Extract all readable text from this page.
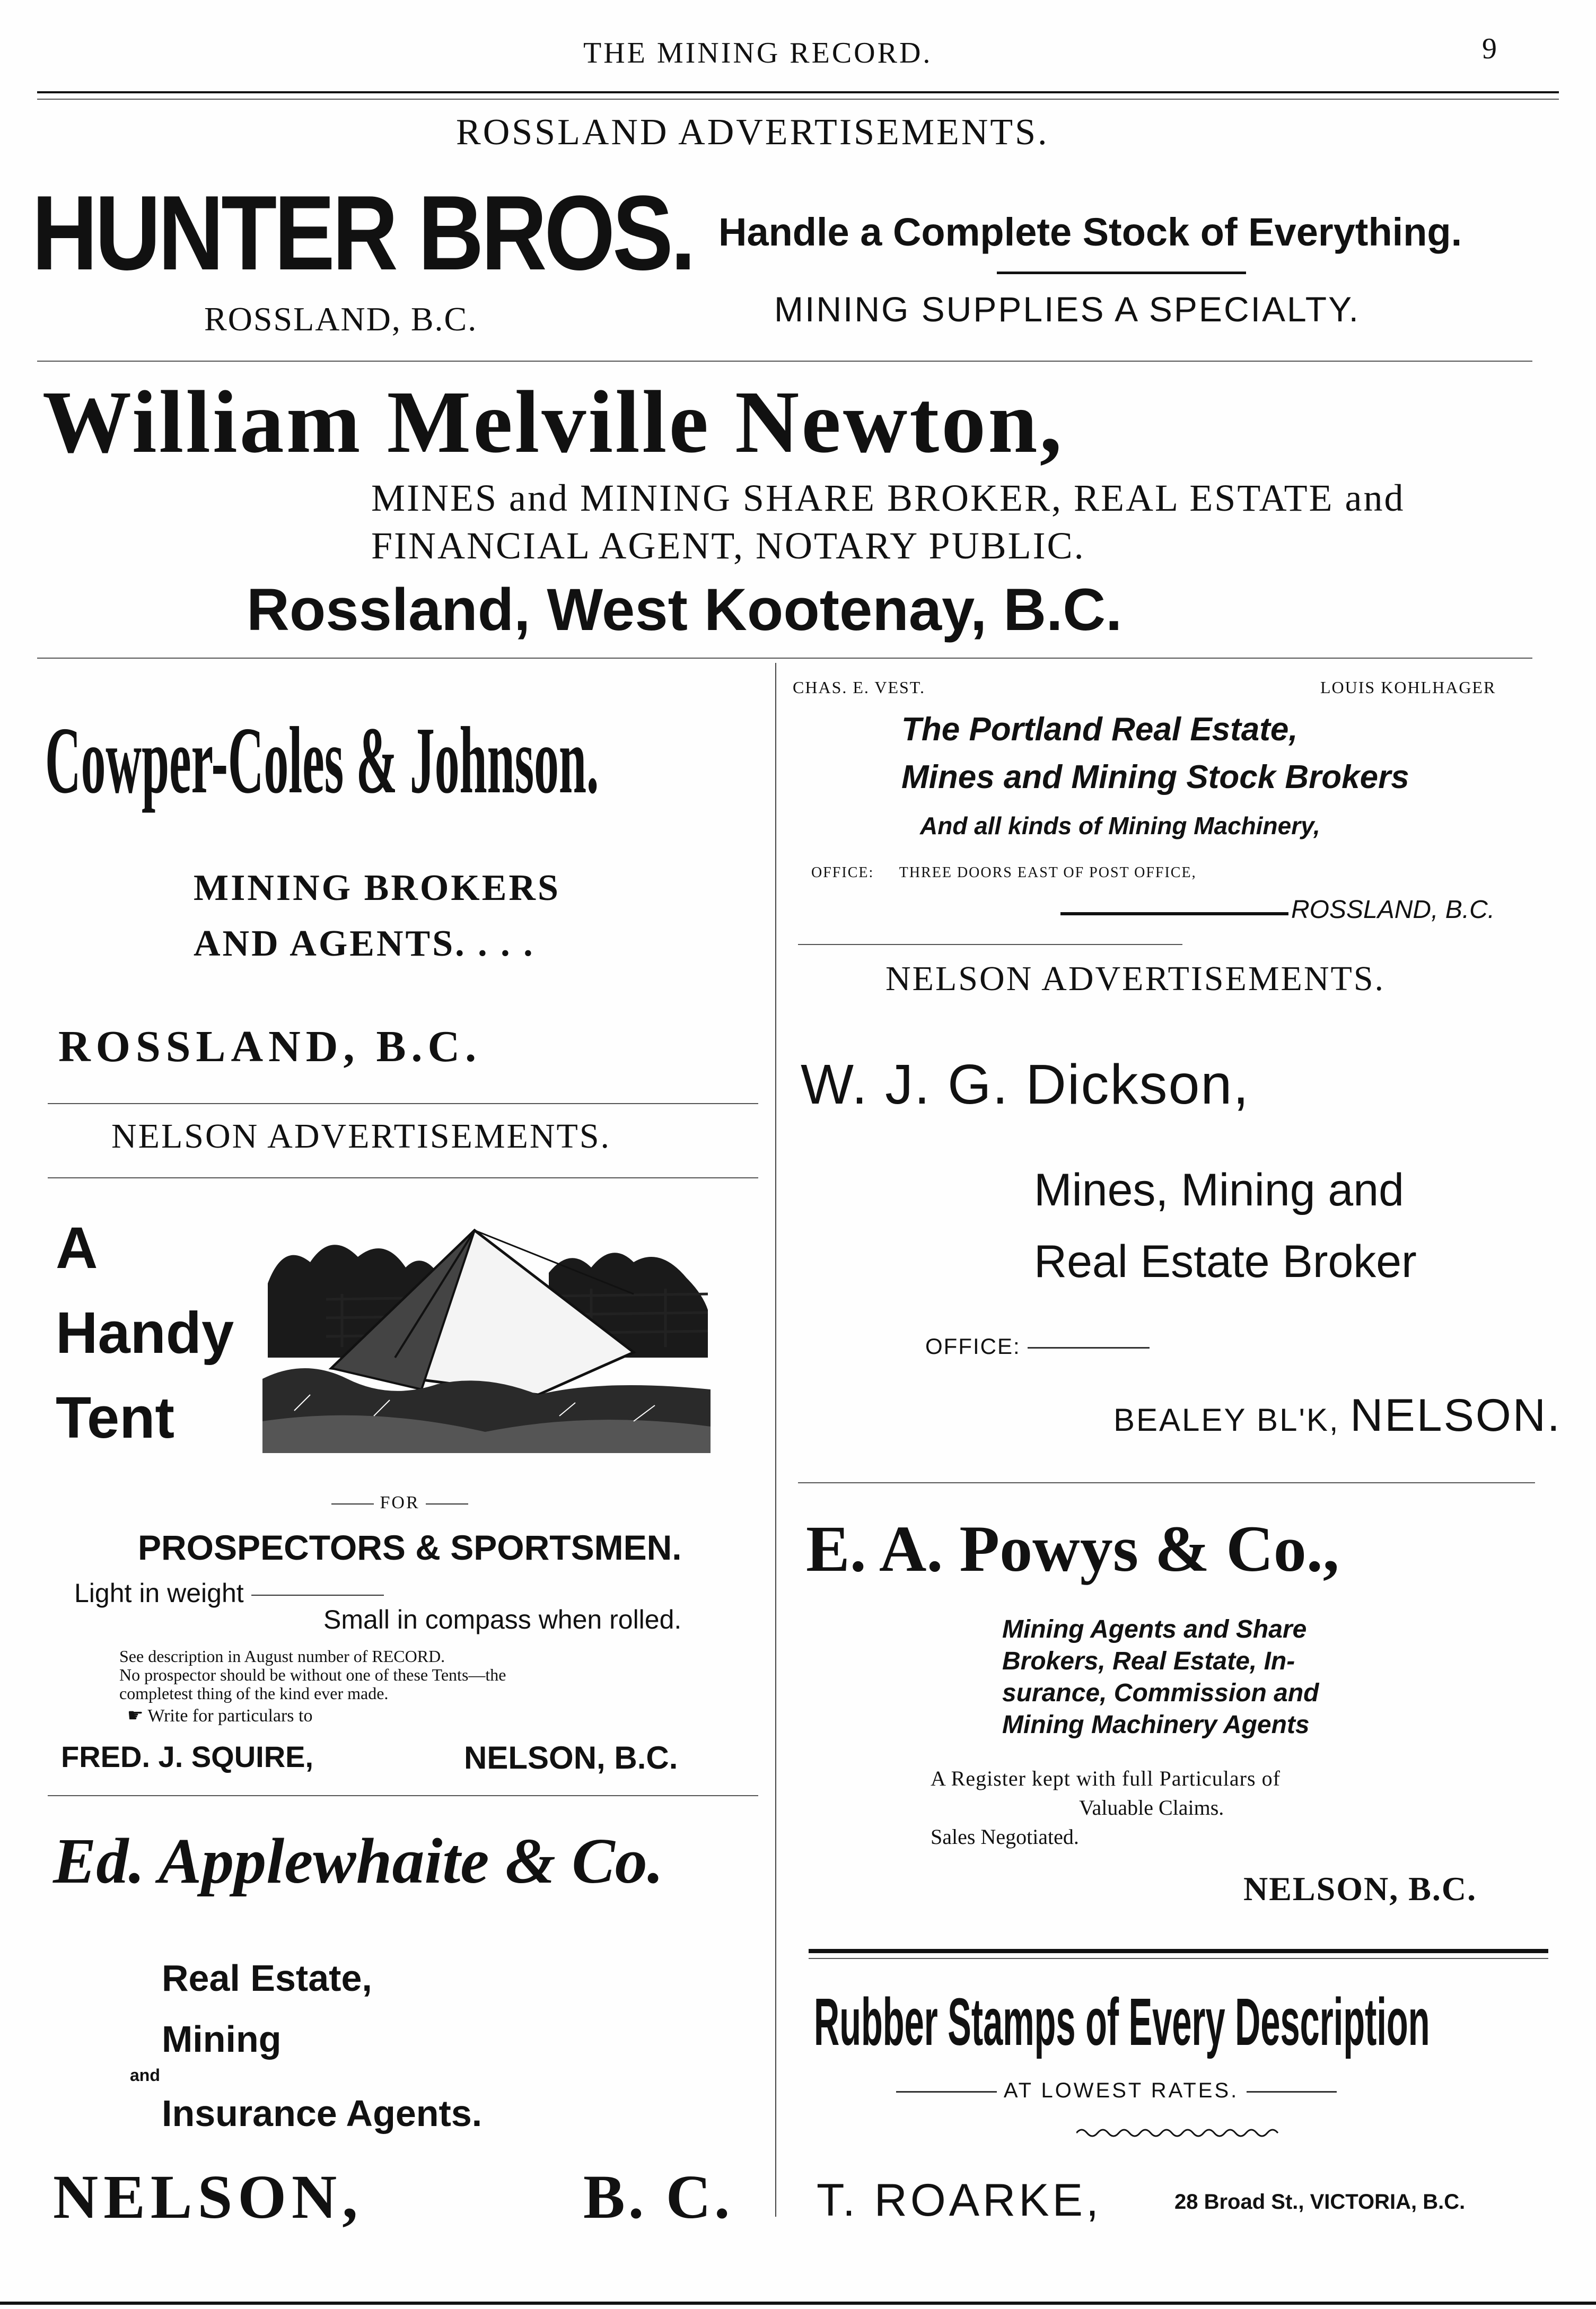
THE MINING RECORD.	9
ROSSLAND ADVERTISEMENTS.
HUNTER BROS.
ROSSLAND, B.C.
Handle a Complete Stock of Everything.
MINING SUPPLIES A SPECIALTY.
William Melville Newton,
MINES and MINING SHARE BROKER, REAL ESTATE and
FINANCIAL AGENT, NOTARY PUBLIC.
Rossland, West Kootenay, B.C.
Cowper-Coles & Johnson.
MINING BROKERS
AND AGENTS. . . .
ROSSLAND, B.C.
NELSON ADVERTISEMENTS.
A
Handy
Tent
FOR
PROSPECTORS & SPORTSMEN.
Light in weight
Small in compass when rolled.
See description in August number of RECORD.
No prospector should be without one of these Tents—the
completest thing of the kind ever made.
☛ Write for particulars to
FRED. J. SQUIRE,	NELSON, B.C.
Ed. Applewhaite & Co.
Real Estate,
Mining
and
Insurance Agents.
NELSON,	B. C.
CHAS. E. VEST.	LOUIS KOHLHAGER
The Portland Real Estate,
Mines and Mining Stock Brokers
And all kinds of Mining Machinery,
OFFICE: THREE DOORS EAST OF POST OFFICE,
ROSSLAND, B.C.
NELSON ADVERTISEMENTS.
W. J. G. Dickson,
Mines, Mining and
Real Estate Broker
OFFICE:
BEALEY BL'K, NELSON.
E. A. Powys & Co.,
Mining Agents and Share
Brokers, Real Estate, In-
surance, Commission and
Mining Machinery Agents
A Register kept with full Particulars of
Valuable Claims.
Sales Negotiated.
NELSON, B.C.
Rubber Stamps of Every Description
AT LOWEST RATES.
T. ROARKE,	28 Broad St., VICTORIA, B.C.
